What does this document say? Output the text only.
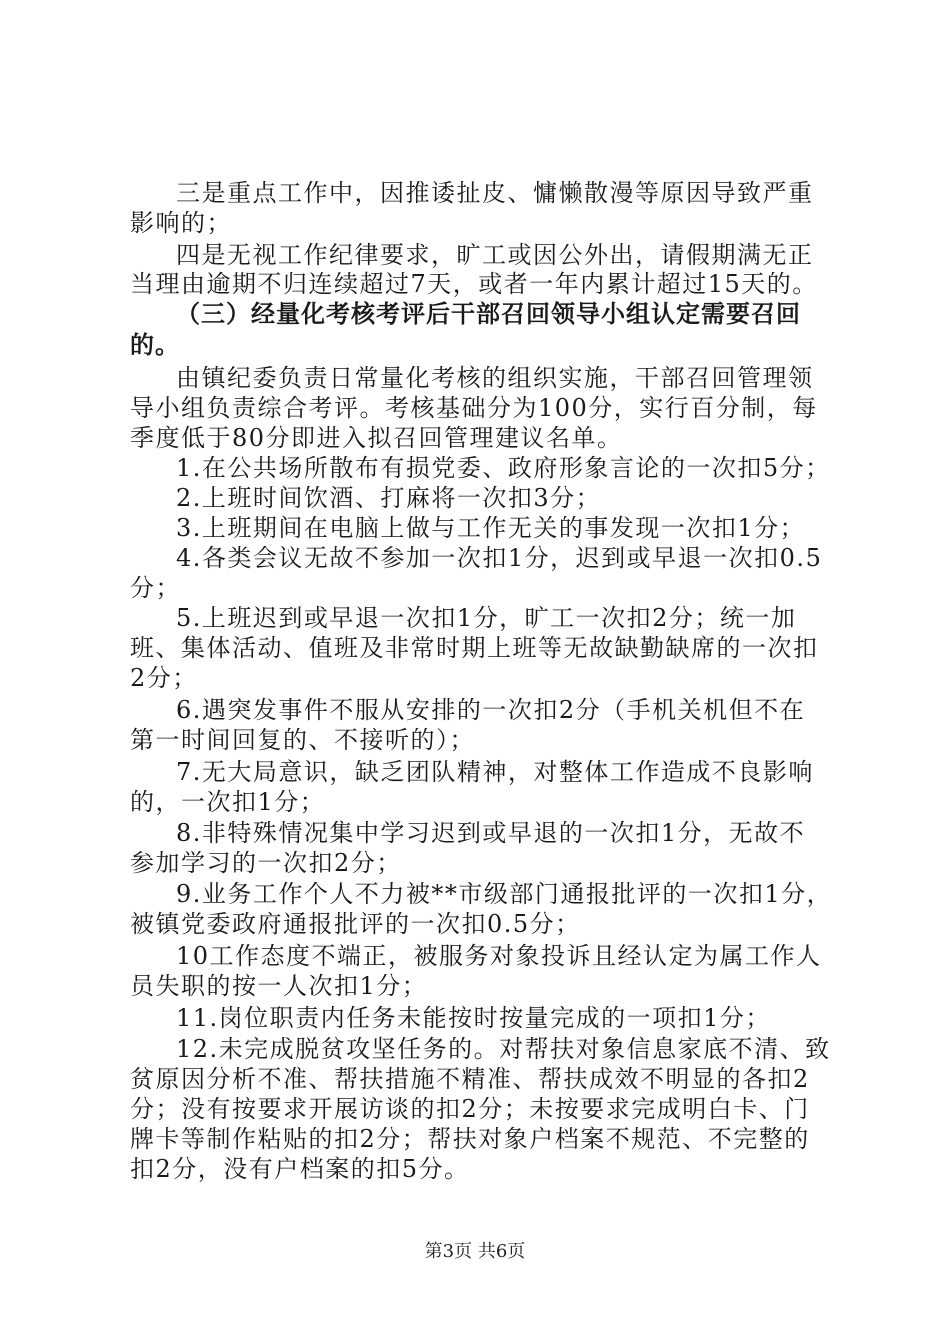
三是重点工作中，因推诿扯皮、慵懒散漫等原因导致严重
影响的；
四是无视工作纪律要求，旷工或因公外出，请假期满无正
当理由逾期不归连续超过7天，或者一年内累计超过15天的。
（三）经量化考核考评后干部召回领导小组认定需要召回
的。
由镇纪委负责日常量化考核的组织实施，干部召回管理领
导小组负责综合考评。考核基础分为100分，实行百分制，每
季度低于80分即进入拟召回管理建议名单。
1.在公共场所散布有损党委、政府形象言论的一次扣5分；
2.上班时间饮酒、打麻将一次扣3分；
3.上班期间在电脑上做与工作无关的事发现一次扣1分；
4.各类会议无故不参加一次扣1分，迟到或早退一次扣0.5
分；
5.上班迟到或早退一次扣1分，旷工一次扣2分；统一加
班、集体活动、值班及非常时期上班等无故缺勤缺席的一次扣
2分；
6.遇突发事件不服从安排的一次扣2分（手机关机但不在
第一时间回复的、不接听的）；
7.无大局意识，缺乏团队精神，对整体工作造成不良影响
的，一次扣1分；
8.非特殊情况集中学习迟到或早退的一次扣1分，无故不
参加学习的一次扣2分；
9.业务工作个人不力被**市级部门通报批评的一次扣1分，
被镇党委政府通报批评的一次扣0.5分；
10工作态度不端正，被服务对象投诉且经认定为属工作人
员失职的按一人次扣1分；
11.岗位职责内任务未能按时按量完成的一项扣1分；
12.未完成脱贫攻坚任务的。对帮扶对象信息家底不清、致
贫原因分析不准、帮扶措施不精准、帮扶成效不明显的各扣2
分；没有按要求开展访谈的扣2分；未按要求完成明白卡、门
牌卡等制作粘贴的扣2分；帮扶对象户档案不规范、不完整的
扣2分，没有户档案的扣5分。
第3页 共6页
